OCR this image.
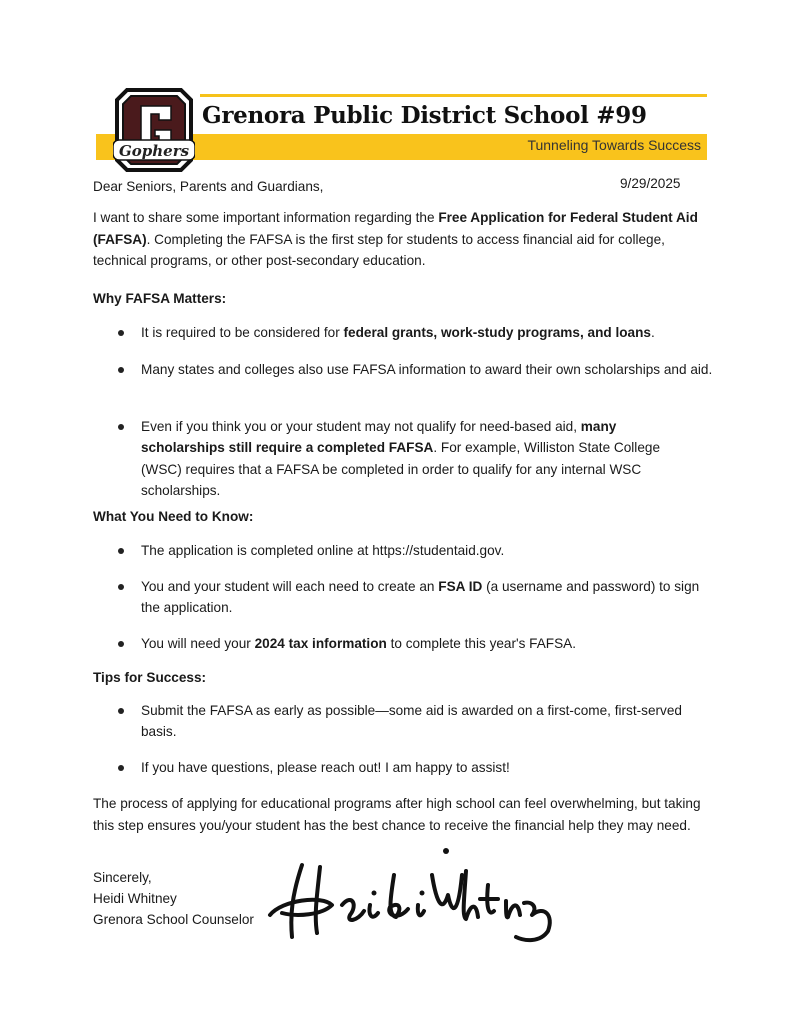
Gophers
Grenora Public District School #99
Tunneling Towards Success
Dear Seniors, Parents and Guardians,	9/29/2025
I want to share some important information regarding the Free Application for Federal Student Aid (FAFSA). Completing the FAFSA is the first step for students to access financial aid for college, technical programs, or other post-secondary education.
Why FAFSA Matters:
It is required to be considered for federal grants, work-study programs, and loans.
Many states and colleges also use FAFSA information to award their own scholarships and aid.
Even if you think you or your student may not qualify for need-based aid, many scholarships still require a completed FAFSA. For example, Williston State College (WSC) requires that a FAFSA be completed in order to qualify for any internal WSC scholarships.
What You Need to Know:
The application is completed online at https://studentaid.gov.
You and your student will each need to create an FSA ID (a username and password) to sign the application.
You will need your 2024 tax information to complete this year's FAFSA.
Tips for Success:
Submit the FAFSA as early as possible—some aid is awarded on a first-come, first-served basis.
If you have questions, please reach out! I am happy to assist!
The process of applying for educational programs after high school can feel overwhelming, but taking this step ensures you/your student has the best chance to receive the financial help they may need.
Sincerely,
Heidi Whitney
Grenora School Counselor
